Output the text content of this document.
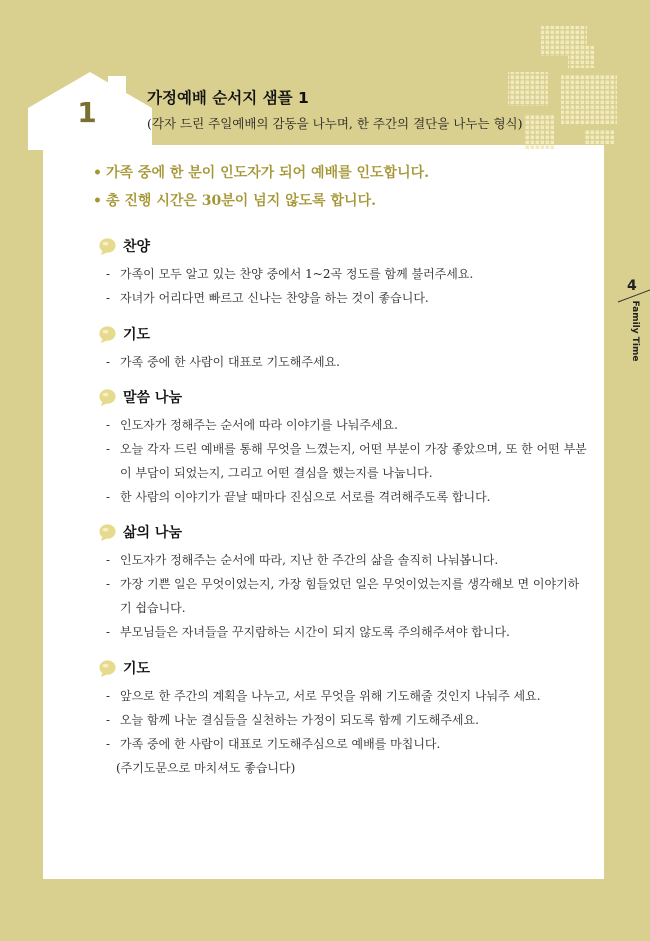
1	가정예배 순서지 샘플 1
(각자 드린 주일예배의 감동을 나누며, 한 주간의 결단을 나누는 형식)
• 가족 중에 한 분이 인도자가 되어 예배를 인도합니다.
• 총 진행 시간은 30분이 넘지 않도록 합니다.
찬양
- 가족이 모두 알고 있는 찬양 중에서 1~2곡 정도를 함께 불러주세요.
- 자녀가 어리다면 빠르고 신나는 찬양을 하는 것이 좋습니다.
기도
- 가족 중에 한 사람이 대표로 기도해주세요.
말씀 나눔
- 인도자가 정해주는 순서에 따라 이야기를 나눠주세요.
- 오늘 각자 드린 예배를 통해 무엇을 느꼈는지, 어떤 부분이 가장 좋았으며, 또 한 어떤 부분이 부담이 되었는지, 그리고 어떤 결심을 했는지를 나눕니다.
- 한 사람의 이야기가 끝날 때마다 진심으로 서로를 격려해주도록 합니다.
삶의 나눔
- 인도자가 정해주는 순서에 따라, 지난 한 주간의 삶을 솔직히 나눠봅니다.
- 가장 기쁜 일은 무엇이었는지, 가장 힘들었던 일은 무엇이었는지를 생각해보 면 이야기하기 쉽습니다.
- 부모님들은 자녀들을 꾸지람하는 시간이 되지 않도록 주의해주셔야 합니다.
기도
- 앞으로 한 주간의 계획을 나누고, 서로 무엇을 위해 기도해줄 것인지 나눠주 세요.
- 오늘 함께 나눈 결심들을 실천하는 가정이 되도록 함께 기도해주세요.
- 가족 중에 한 사람이 대표로 기도해주심으로 예배를 마칩니다.
(주기도문으로 마치셔도 좋습니다)
4
Family Time
